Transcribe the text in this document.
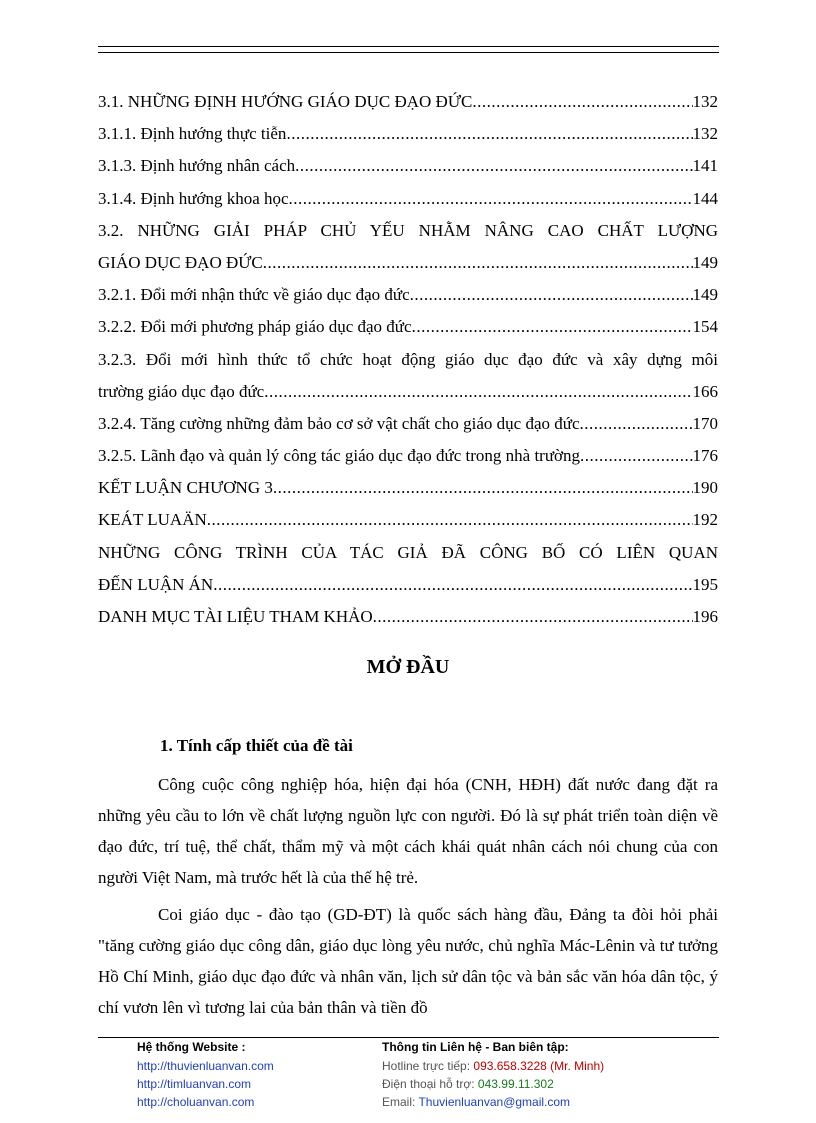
3.1. NHỮNG ĐỊNH HƯỚNG GIÁO DỤC ĐẠO ĐỨC .....	132
3.1.1. Định hướng thực tiễn .....	132
3.1.3. Định hướng nhân cách .....	141
3.1.4. Định hướng khoa học .....	144
3.2. NHỮNG GIẢI PHÁP CHỦ YẾU NHẰM NÂNG CAO CHẤT LƯỢNG
GIÁO DỤC ĐẠO ĐỨC .....	149
3.2.1. Đổi mới nhận thức về giáo dục đạo đức .....	149
3.2.2. Đổi mới phương pháp giáo dục đạo đức .....	154
3.2.3. Đổi mới hình thức tổ chức hoạt động giáo dục đạo đức và xây dựng môi
trường giáo dục đạo đức .....	166
3.2.4. Tăng cường những đảm bảo cơ sở vật chất cho giáo dục đạo đức .....	170
3.2.5. Lãnh đạo và quản lý công tác giáo dục đạo đức trong nhà trường .....	176
KẾT LUẬN CHƯƠNG 3 .....	190
KEÁT LUAÄN .....	192
NHỮNG CÔNG TRÌNH CỦA TÁC GIẢ ĐÃ CÔNG BỐ CÓ LIÊN QUAN
ĐẾN LUẬN ÁN .....	195
DANH MỤC TÀI LIỆU THAM KHẢO .....	196
MỞ ĐẦU
1. Tính cấp thiết của đề tài

Công cuộc công nghiệp hóa, hiện đại hóa (CNH, HĐH) đất nước đang đặt ra những yêu cầu to lớn về chất lượng nguồn lực con người. Đó là sự phát triển toàn diện về đạo đức, trí tuệ, thể chất, thẩm mỹ và một cách khái quát nhân cách nói chung của con người Việt Nam, mà trước hết là của thế hệ trẻ.

Coi giáo dục - đào tạo (GD-ĐT) là quốc sách hàng đầu, Đảng ta đòi hỏi phải "tăng cường giáo dục công dân, giáo dục lòng yêu nước, chủ nghĩa Mác-Lênin và tư tưởng Hồ Chí Minh, giáo dục đạo đức và nhân văn, lịch sử dân tộc và bản sắc văn hóa dân tộc, ý chí vươn lên vì tương lai của bản thân và tiền đồ

Hệ thống Website :
http://thuvienluanvan.com
http://timluanvan.com
http://choluanvan.com
Thông tin Liên hệ - Ban biên tập:
Hotline trực tiếp: 093.658.3228 (Mr. Minh)
Điện thoại hỗ trợ: 043.99.11.302
Email: Thuvienluanvan@gmail.com
